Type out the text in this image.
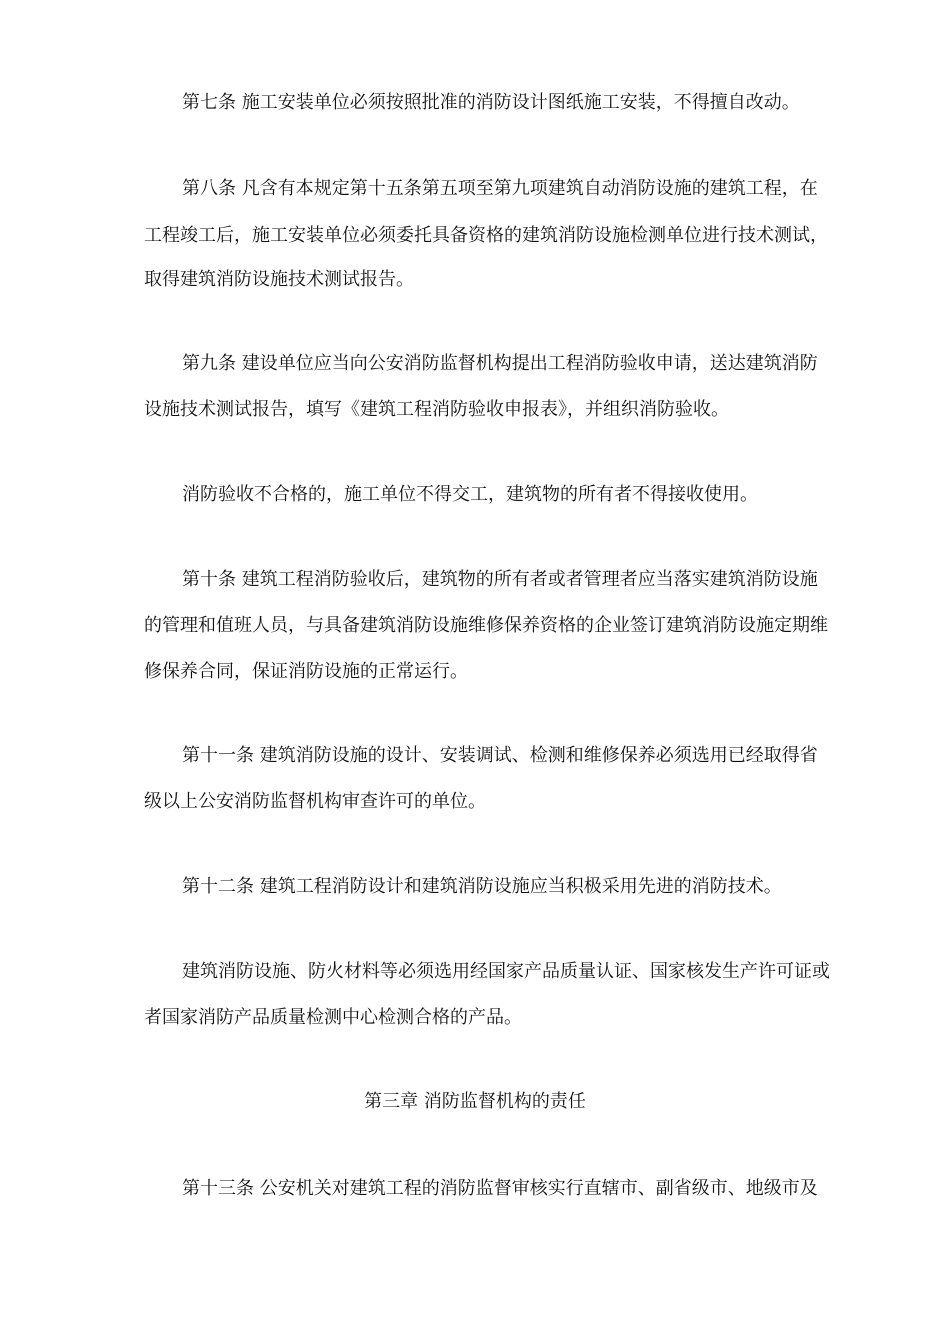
第七条 施工安装单位必须按照批准的消防设计图纸施工安装，不得擅自改动。
第八条 凡含有本规定第十五条第五项至第九项建筑自动消防设施的建筑工程，在
工程竣工后，施工安装单位必须委托具备资格的建筑消防设施检测单位进行技术测试，
取得建筑消防设施技术测试报告。
第九条 建设单位应当向公安消防监督机构提出工程消防验收申请，送达建筑消防
设施技术测试报告，填写《建筑工程消防验收申报表》，并组织消防验收。
消防验收不合格的，施工单位不得交工，建筑物的所有者不得接收使用。
第十条 建筑工程消防验收后，建筑物的所有者或者管理者应当落实建筑消防设施
的管理和值班人员，与具备建筑消防设施维修保养资格的企业签订建筑消防设施定期维
修保养合同，保证消防设施的正常运行。
第十一条 建筑消防设施的设计、安装调试、检测和维修保养必须选用已经取得省
级以上公安消防监督机构审查许可的单位。
第十二条 建筑工程消防设计和建筑消防设施应当积极采用先进的消防技术。
建筑消防设施、防火材料等必须选用经国家产品质量认证、国家核发生产许可证或
者国家消防产品质量检测中心检测合格的产品。
第三章 消防监督机构的责任
第十三条 公安机关对建筑工程的消防监督审核实行直辖市、副省级市、地级市及
